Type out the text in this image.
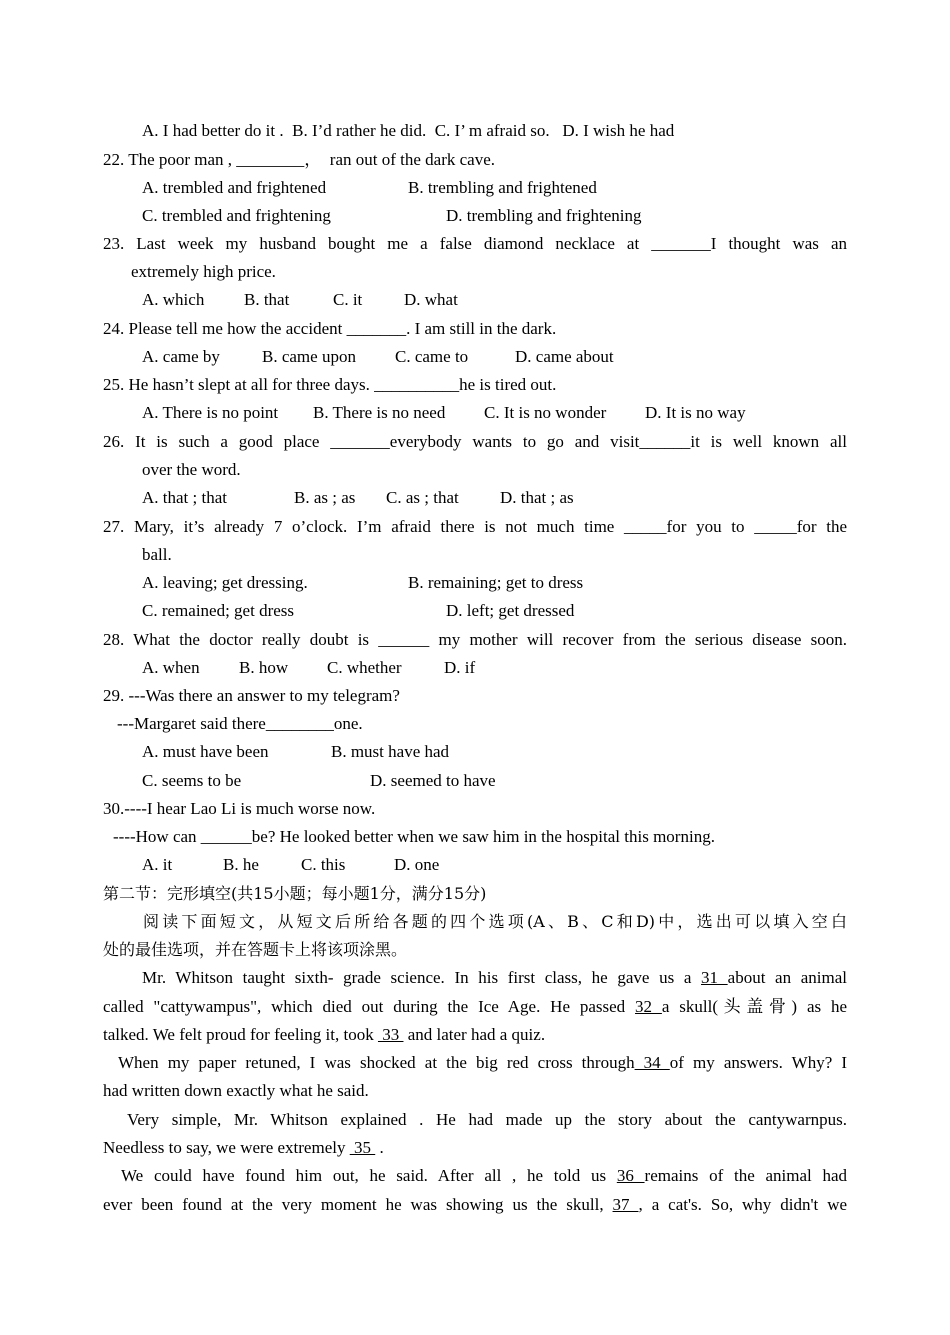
A. I had better do it . B. I’d rather he did. C. I’ m afraid so. D. I wish he had
22. The poor man , ________，  ran out of the dark cave.
A. trembled and frightened	B. trembling and frightened
C. trembled and frightening	D. trembling and frightening
23. Last week my husband bought me a false diamond necklace at _______I thought was an
extremely high price.
A. which B. that	C. it D. what
24. Please tell me how the accident _______. I am still in the dark.
A. came by B. came upon C. came to	D. came about
25. He hasn’t slept at all for three days. __________he is tired out.
A. There is no point B. There is no need C. It is no wonder D. It is no way
26. It is such a good place _______everybody wants to go and visit______it is well known all
over the word.
A. that ; that	B. as ; as C. as ; that D. that ; as
27. Mary, it’s already 7 o’clock. I’m afraid there is not much time _____for you to _____for the
ball.
A. leaving; get dressing.	B. remaining; get to dress
C. remained; get dress	D. left; get dressed
28. What the doctor really doubt is ______ my mother will recover from the serious disease soon.
A. when B. how C. whether D. if
29. ---Was there an answer to my telegram?
---Margaret said there________one.
A. must have been	B. must have had
C. seems to be	D. seemed to have
30.----I hear Lao Li is much worse now.
----How can ______be? He looked better when we saw him in the hospital this morning.
A. it	B. he C. this	D. one
第二节：完形填空(共15小题；每小题1分，满分15分)
阅读下面短文，从短文后所给各题的四个选项(A、B、C和D)中，选出可以填入空白
处的最佳选项，并在答题卡上将该项涂黑。
Mr. Whitson taught sixth- grade science. In his first class, he gave us a 31 about an animal
called "cattywampus", which died out during the Ice Age. He passed 32 a skull(头盖骨) as he
talked. We felt proud for feeling it, took  33  and later had a quiz.
When my paper retuned, I was shocked at the big red cross through 34 of my answers. Why? I
had written down exactly what he said.
Very simple, Mr. Whitson explained . He had made up the story about the cantywarnpus.
Needless to say, we were extremely  35  .
We could have found him out, he said. After all , he told us 36 remains of the animal had
ever been found at the very moment he was showing us the skull, 37 , a cat's. So, why didn't we
